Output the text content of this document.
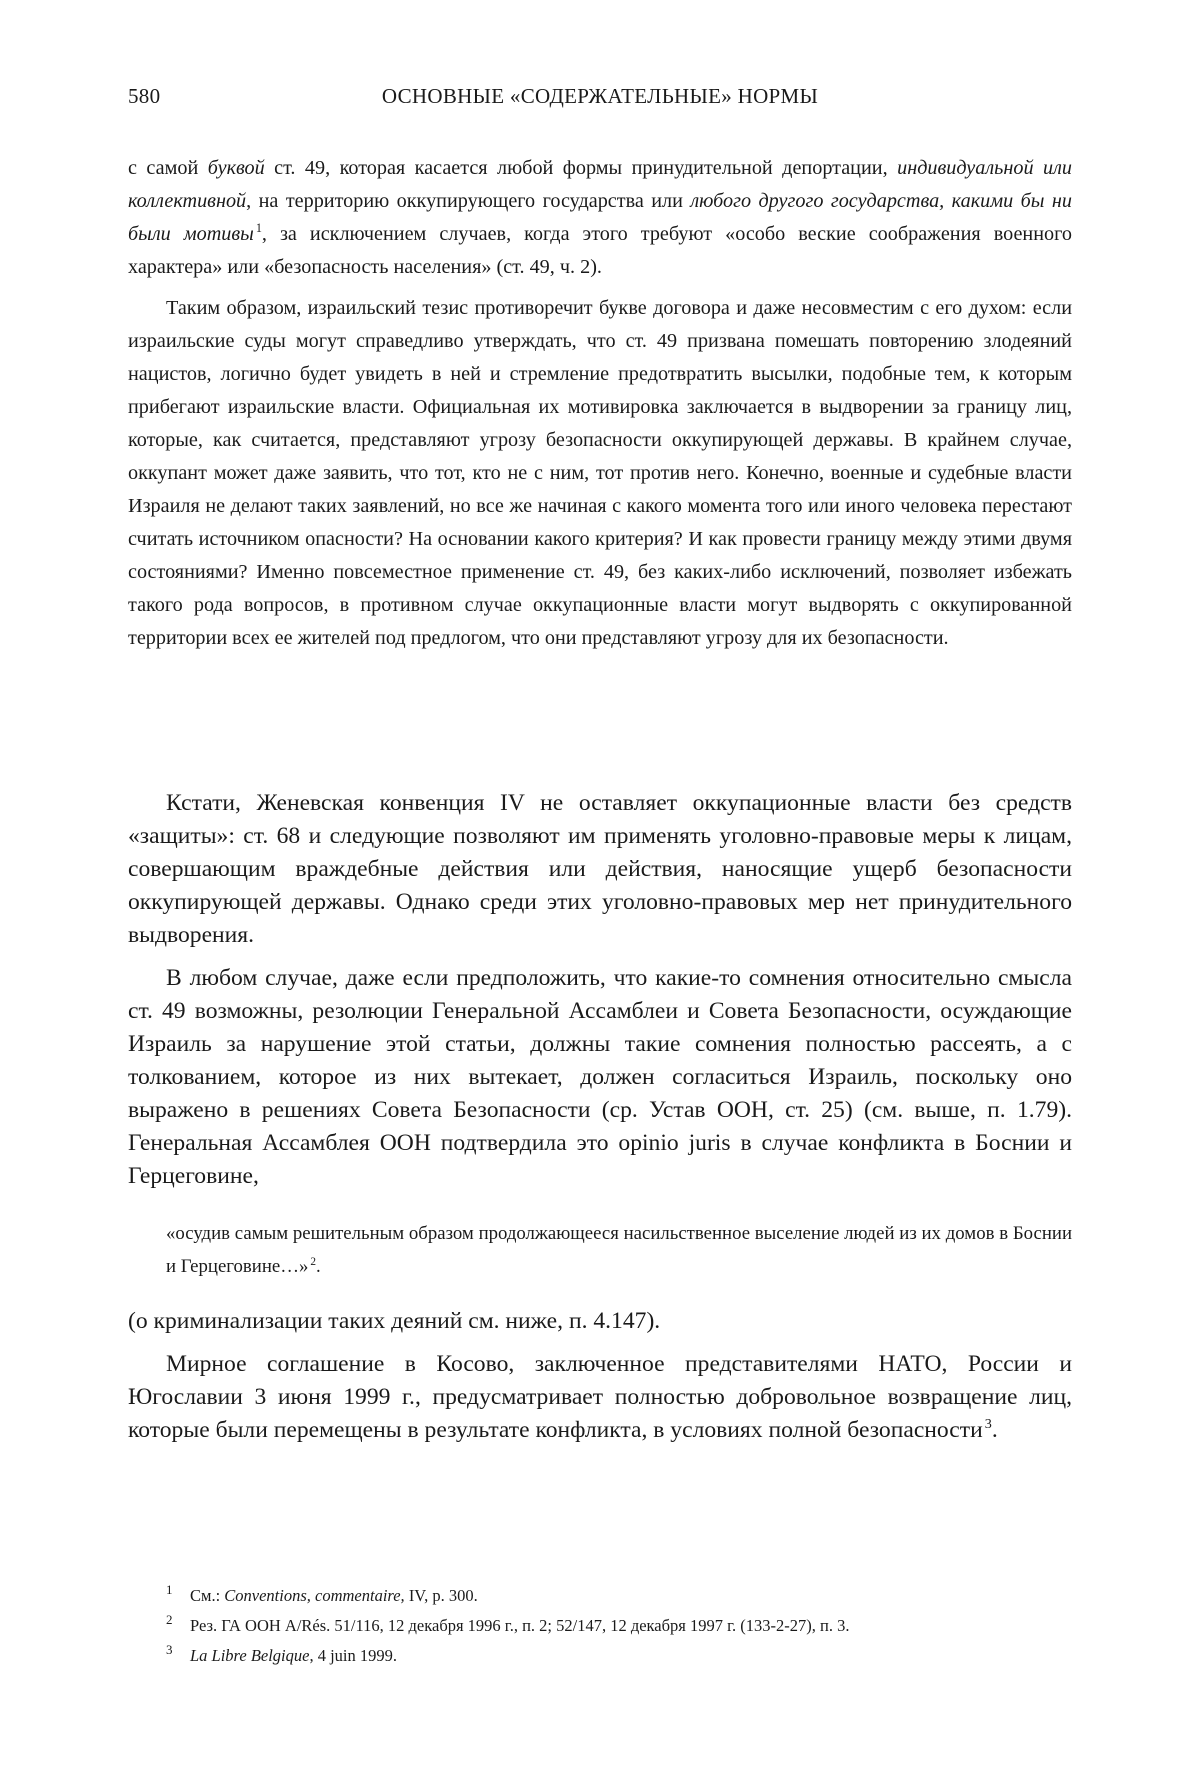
580	ОСНОВНЫЕ «СОДЕРЖАТЕЛЬНЫЕ» НОРМЫ

с самой буквой ст. 49, которая касается любой формы принудительной депортации, индивидуальной или коллективной, на территорию оккупирующего государства или любого другого государства, какими бы ни были мотивы $^1$, за исключением случаев, когда этого требуют «особо веские соображения военного характера» или «безопасность населения» (ст. 49, ч. 2).

Таким образом, израильский тезис противоречит букве договора и даже несовместим с его духом: если израильские суды могут справедливо утверждать, что ст. 49 призвана помешать повторению злодеяний нацистов, логично будет увидеть в ней и стремление предотвратить высылки, подобные тем, к которым прибегают израильские власти. Официальная их мотивировка заключается в выдворении за границу лиц, которые, как считается, представляют угрозу безопасности оккупирующей державы. В крайнем случае, оккупант может даже заявить, что тот, кто не с ним, тот против него. Конечно, военные и судебные власти Израиля не делают таких заявлений, но все же начиная с какого момента того или иного человека перестают считать источником опасности? На основании какого критерия? И как провести границу между этими двумя состояниями? Именно повсеместное применение ст. 49, без каких-либо исключений, позволяет избежать такого рода вопросов, в противном случае оккупационные власти могут выдворять с оккупированной территории всех ее жителей под предлогом, что они представляют угрозу для их безопасности.

Кстати, Женевская конвенция IV не оставляет оккупационные власти без средств «защиты»: ст. 68 и следующие позволяют им применять уголовно-правовые меры к лицам, совершающим враждебные действия или действия, наносящие ущерб безопасности оккупирующей державы. Однако среди этих уголовно-правовых мер нет принудительного выдворения.

В любом случае, даже если предположить, что какие-то сомнения относительно смысла ст. 49 возможны, резолюции Генеральной Ассамблеи и Совета Безопасности, осуждающие Израиль за нарушение этой статьи, должны такие сомнения полностью рассеять, а с толкованием, которое из них вытекает, должен согласиться Израиль, поскольку оно выражено в решениях Совета Безопасности (ср. Устав ООН, ст. 25) (см. выше, п. 1.79). Генеральная Ассамблея ООН подтвердила это opinio juris в случае конфликта в Боснии и Герцеговине,

«осудив самым решительным образом продолжающееся насильственное выселение людей из их домов в Боснии и Герцеговине…» $^2$.

(о криминализации таких деяний см. ниже, п. 4.147).

Мирное соглашение в Косово, заключенное представителями НАТО, России и Югославии 3 июня 1999 г., предусматривает полностью добровольное возвращение лиц, которые были перемещены в результате конфликта, в условиях полной безопасности $^3$.

1 См.: Conventions, commentaire, IV, p. 300.
2 Рез. ГА ООН A/Rés. 51/116, 12 декабря 1996 г., п. 2; 52/147, 12 декабря 1997 г. (133-2-27), п. 3.
3 La Libre Belgique, 4 juin 1999.
